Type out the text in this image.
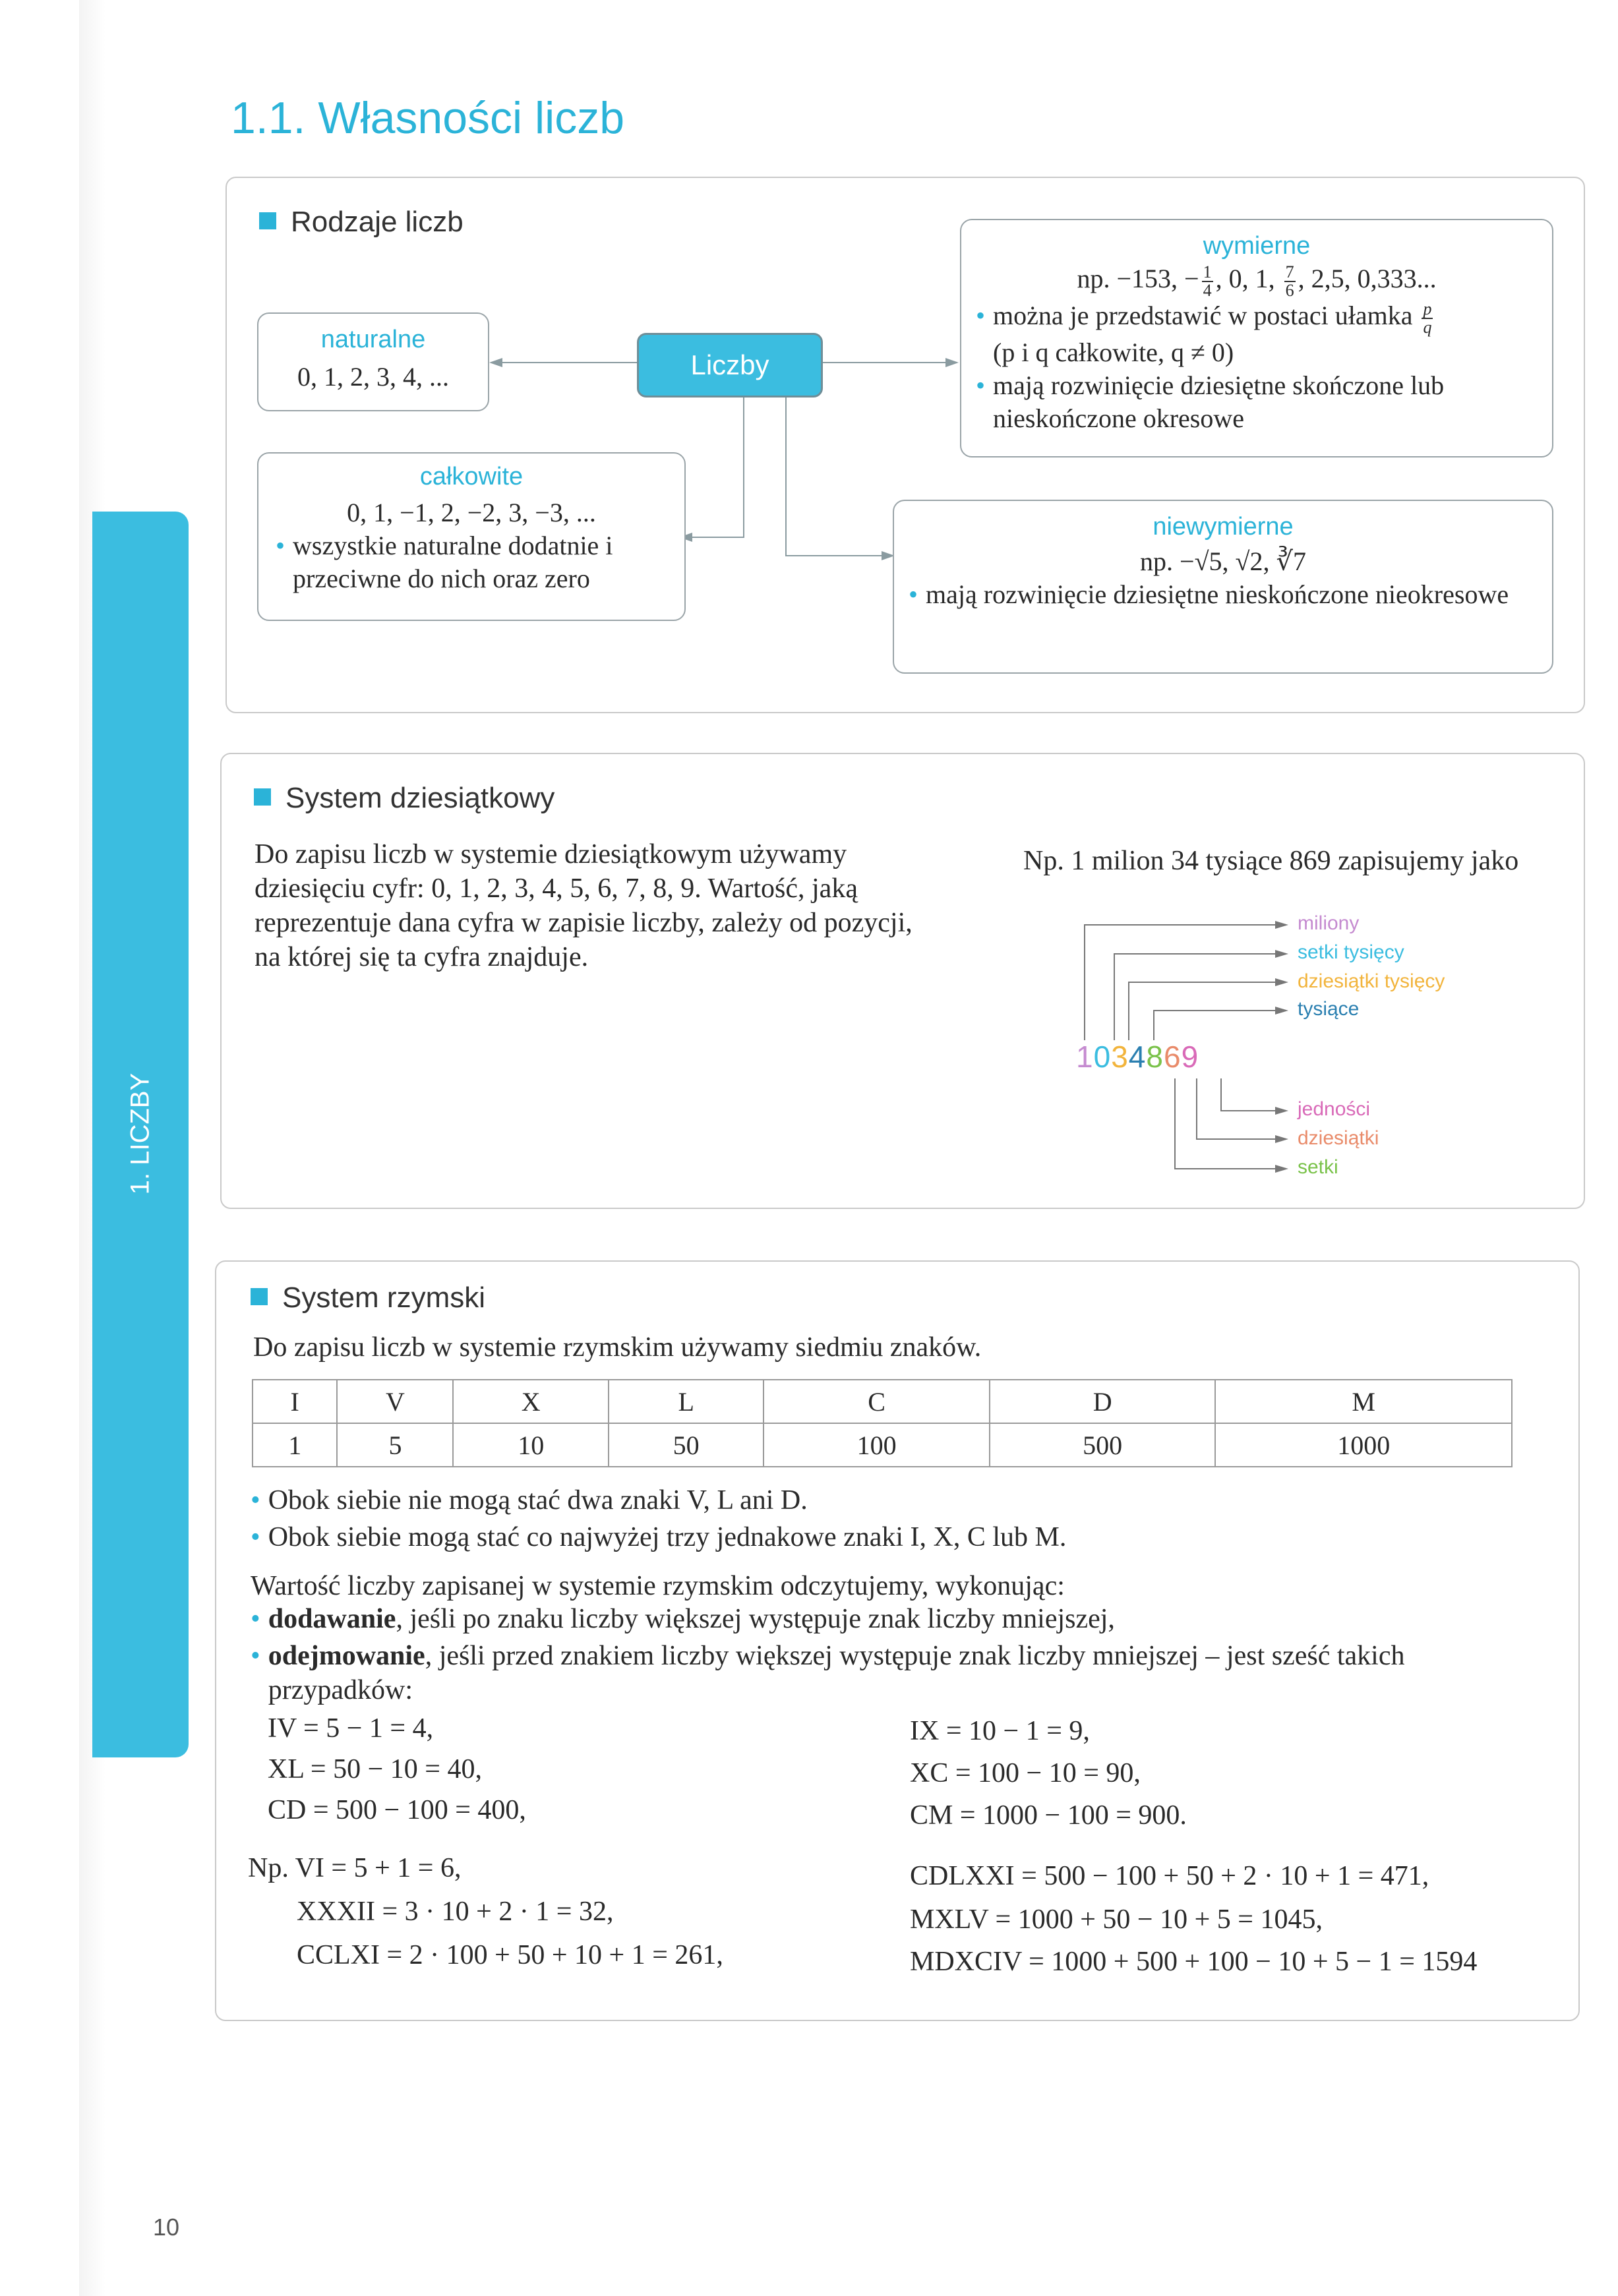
1.1. Własności liczb
1. LICZBY
Rodzaje liczb
Liczby
naturalne
0, 1, 2, 3, 4, ...
całkowite
0, 1, −1, 2, −2, 3, −3, ...
• wszystkie naturalne dodatnie i przeciwne do nich oraz zero
wymierne
np. −153, − $\frac{1}{4}$ , 0, 1, $\frac{7}{6}$ , 2,5, 0,333...
• można je przedstawić w postaci ułamka $\frac{p}{q}$

(p i q całkowite, q ≠ 0)
• mają rozwinięcie dziesiętne skończone lub nieskończone okresowe
niewymierne
np. −√5, √2, ∛7
• mają rozwinięcie dziesiętne nieskończone nieokresowe
System dziesiątkowy
Do zapisu liczb w systemie dziesiątkowym używamy dziesięciu cyfr: 0, 1, 2, 3, 4, 5, 6, 7, 8, 9. Wartość, jaką reprezentuje dana cyfra w zapisie liczby, zależy od pozycji, na której się ta cyfra znajduje.
Np. 1 milion 34 tysiące 869 zapisujemy jako
miliony
setki tysięcy
dziesiątki tysięcy
tysiące
1034869
jedności
dziesiątki
setki
System rzymski
Do zapisu liczb w systemie rzymskim używamy siedmiu znaków.
I	V	X	L	C	D	M
1	5	10	50	100	500	1000
• Obok siebie nie mogą stać dwa znaki V, L ani D.
• Obok siebie mogą stać co najwyżej trzy jednakowe znaki I, X, C lub M.
Wartość liczby zapisanej w systemie rzymskim odczytujemy, wykonując:
• dodawanie, jeśli po znaku liczby większej występuje znak liczby mniejszej,
• odejmowanie, jeśli przed znakiem liczby większej występuje znak liczby mniejszej – jest sześć takich przypadków:
IV = 5 − 1 = 4,
XL = 50 − 10 = 40,
CD = 500 − 100 = 400,
IX = 10 − 1 = 9,
XC = 100 − 10 = 90,
CM = 1000 − 100 = 900.
Np. VI = 5 + 1 = 6,
XXXII = 3 · 10 + 2 · 1 = 32,
CCLXI = 2 · 100 + 50 + 10 + 1 = 261,
CDLXXI = 500 − 100 + 50 + 2 · 10 + 1 = 471,
MXLV = 1000 + 50 − 10 + 5 = 1045,
MDXCIV = 1000 + 500 + 100 − 10 + 5 − 1 = 1594
10
